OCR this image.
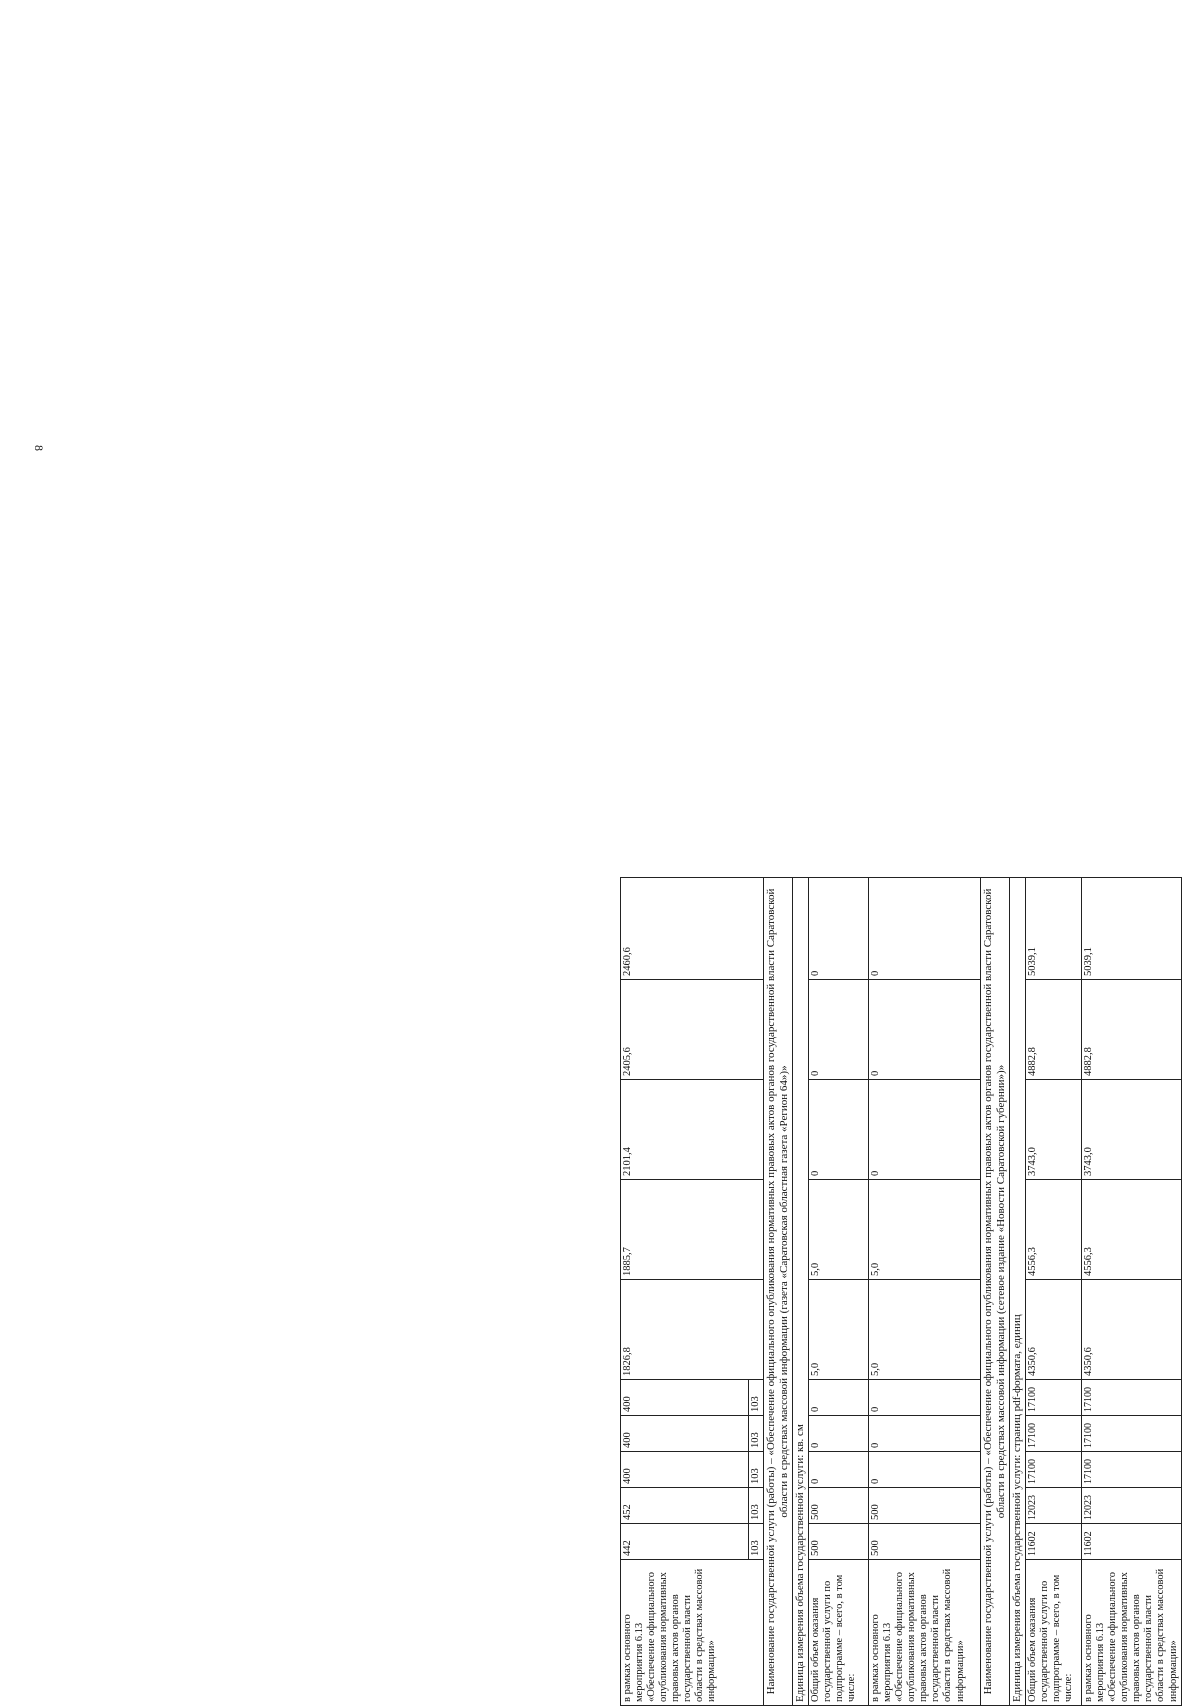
8
в рамках основного мероприятия 6.13 «Обеспечение официального опубликования нормативных правовых актов органов государственной власти области в средствах массовой информации»	442	452	400	400	400	1826,8	1885,7	2101,4	2405,6	2460,6
	103	103	103	103	103					
Наименование государственной услуги (работы) – «Обеспечение официального опубликования нормативных правовых актов органов государственной власти Саратовской области в средствах массовой информации (газета «Саратовская областная газета «Регион 64»)»										
Единица измерения объема государственной услуги: кв. см										
Общий объем оказания государственной услуги по подпрограмме – всего, в том числе:	500	500	0	0	0	5,0	5,0	0	0	0
в рамках основного мероприятия 6.13 «Обеспечение официального опубликования нормативных правовых актов органов государственной власти области в средствах массовой информации»	500	500	0	0	0	5,0	5,0	0	0	0
Наименование государственной услуги (работы) – «Обеспечение официального опубликования нормативных правовых актов органов государственной власти Саратовской области в средствах массовой информации (сетевое издание «Новости Саратовской губернии»)»										
Единица измерения объема государственной услуги: страниц pdf-формата, единиц										
Общий объем оказания государственной услуги по подпрограмме – всего, в том числе:	11602	12023	17100	17100	17100	4350,6	4556,3	3743,0	4882,8	5039,1
в рамках основного мероприятия 6.13 «Обеспечение официального опубликования нормативных правовых актов органов государственной власти области в средствах массовой информации»	11602	12023	17100	17100	17100	4350,6	4556,3	3743,0	4882,8	5039,1
